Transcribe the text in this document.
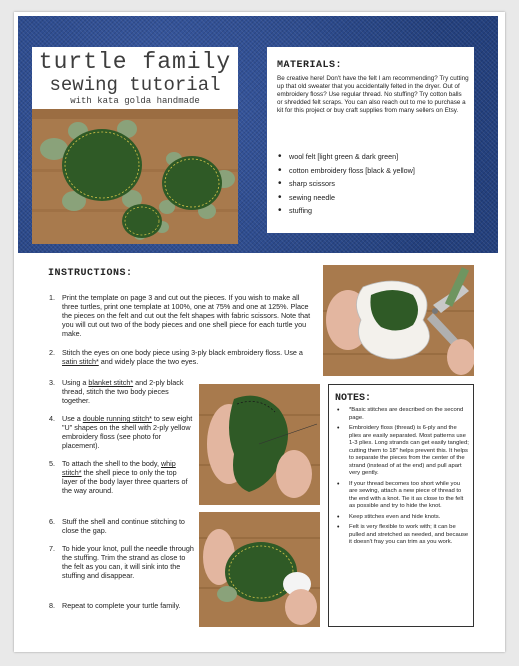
turtle family
sewing tutorial
with kata golda handmade
MATERIALS:
Be creative here! Don't have the felt I am recommending? Try cutting up that old sweater that you accidentally felted in the dryer. Out of embroidery floss? Use regular thread. No stuffing? Try cotton balls or shredded felt scraps. You can also reach out to me to purchase a kit for this project or buy craft supplies from many sellers on Etsy.
• wool felt [light green & dark green]
• cotton embroidery floss [black & yellow]
• sharp scissors
• sewing needle
• stuffing
INSTRUCTIONS:
1. Print the template on page 3 and cut out the pieces. If you wish to make all three turtles, print one template at 100%, one at 75% and one at 125%. Place the pieces on the felt and cut out the felt shapes with fabric scissors. Note that you will cut out two of the body pieces and one shell piece for each turtle you make.
2. Stitch the eyes on one body piece using 3-ply black embroidery floss. Use a satin stitch* and widely place the two eyes.
3. Using a blanket stitch* and 2-ply black thread, stitch the two body pieces together.
4. Use a double running stitch* to sew eight "U" shapes on the shell with 2-ply yellow embroidery floss (see photo for placement).
5. To attach the shell to the body, whip stitch* the shell piece to only the top layer of the body layer three quarters of the way around.
6. Stuff the shell and continue stitching to close the gap.
7. To hide your knot, pull the needle through the stuffing. Trim the strand as close to the felt as you can, it will sink into the stuffing and disappear.
8. Repeat to complete your turtle family.
NOTES:
• *Basic stitches are described on the second page.
• Embroidery floss (thread) is 6-ply and the plies are easily separated. Most patterns use 1-3 plies. Long strands can get easily tangled; cutting them to 18" helps prevent this. It helps to separate the pieces from the center of the strand (instead of at the end) and pull apart very gently.
• If your thread becomes too short while you are sewing, attach a new piece of thread to the end with a knot. Tie it as close to the felt as possible and try to hide the knot.
• Keep stitches even and hide knots.
• Felt is very flexible to work with; it can be pulled and stretched as needed, and because it doesn't fray you can trim as you work.
